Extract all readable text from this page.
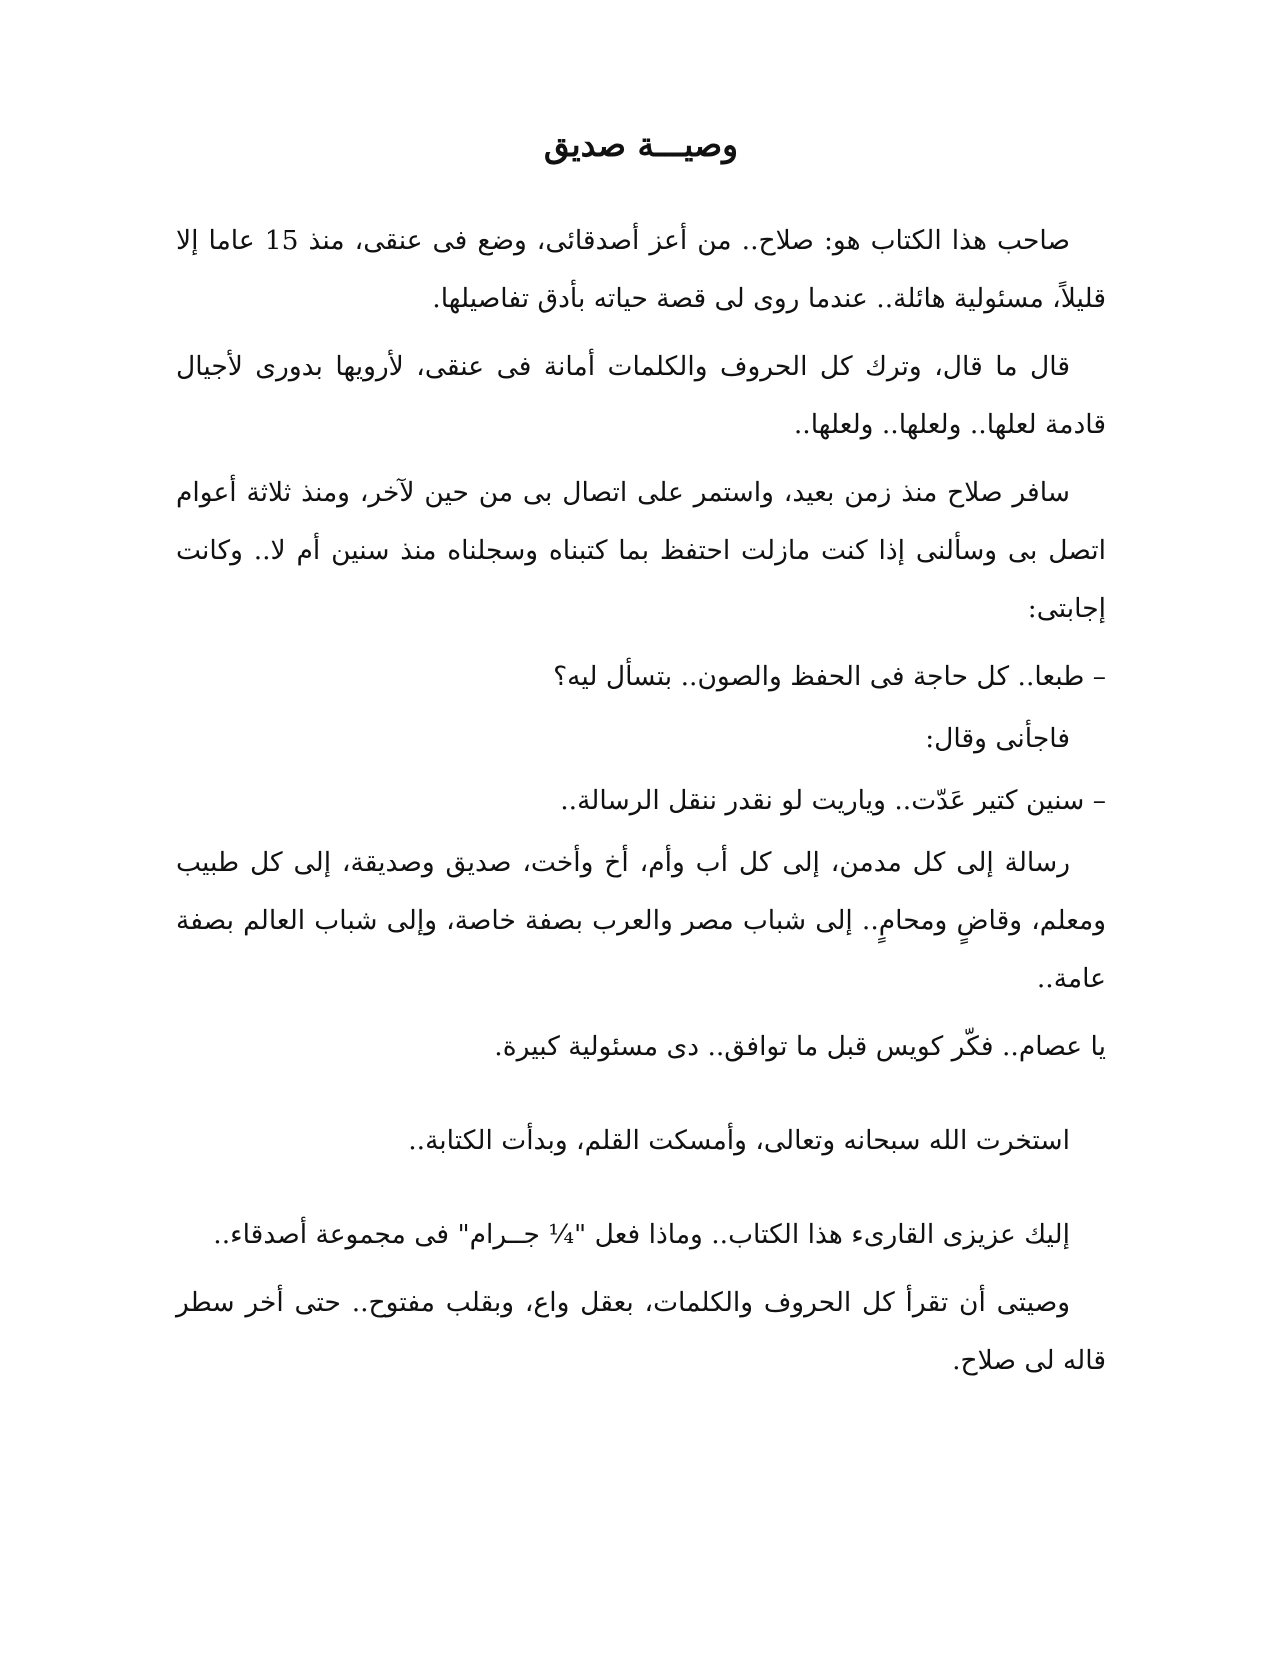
وصيـــة صديق

صاحب هذا الكتاب هو: صلاح.. من أعز أصدقائى، وضع فى عنقى، منذ 15 عاما إلا قليلاً، مسئولية هائلة.. عندما روى لى قصة حياته بأدق تفاصيلها.

قال ما قال، وترك كل الحروف والكلمات أمانة فى عنقى، لأرويها بدورى لأجيال قادمة لعلها.. ولعلها.. ولعلها..

سافر صلاح منذ زمن بعيد، واستمر على اتصال بى من حين لآخر، ومنذ ثلاثة أعوام اتصل بى وسألنى إذا كنت مازلت احتفظ بما كتبناه وسجلناه منذ سنين أم لا.. وكانت إجابتى:

– طبعا.. كل حاجة فى الحفظ والصون.. بتسأل ليه؟

فاجأنى وقال:

– سنين كتير عَدّت.. وياريت لو نقدر ننقل الرسالة..

رسالة إلى كل مدمن، إلى كل أب وأم، أخ وأخت، صديق وصديقة، إلى كل طبيب ومعلم، وقاضٍ ومحامٍ.. إلى شباب مصر والعرب بصفة خاصة، وإلى شباب العالم بصفة عامة..

يا عصام.. فكّر كويس قبل ما توافق.. دى مسئولية كبيرة.

استخرت الله سبحانه وتعالى، وأمسكت القلم، وبدأت الكتابة..

إليك عزيزى القارىء هذا الكتاب.. وماذا فعل "¼ جــرام" فى مجموعة أصدقاء..

وصيتى أن تقرأ كل الحروف والكلمات، بعقل واع، وبقلب مفتوح.. حتى أخر سطر قاله لى صلاح.
